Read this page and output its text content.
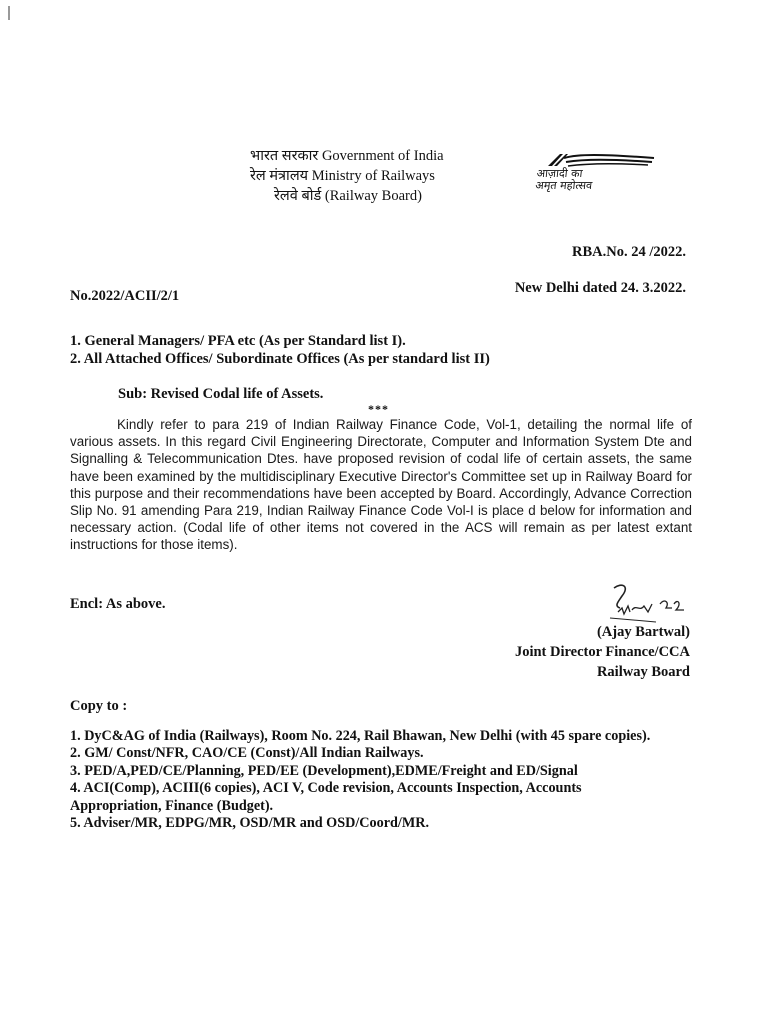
भारत सरकार Government of India
रेल मंत्रालय Ministry of Railways
रेलवे बोर्ड (Railway Board)
आज़ादी का
अमृत महोत्सव
RBA.No. 24 /2022.
No.2022/ACII/2/1	New Delhi dated 24. 3.2022.
1. General Managers/ PFA etc (As per Standard list I).
2. All Attached Offices/ Subordinate Offices (As per standard list II)
Sub: Revised Codal life of Assets.
***
Kindly refer to para 219 of Indian Railway Finance Code, Vol-1, detailing the normal life of various assets. In this regard Civil Engineering Directorate, Computer and Information System Dte and Signalling & Telecommunication Dtes. have proposed revision of codal life of certain assets, the same have been examined by the multidisciplinary Executive Director's Committee set up in Railway Board for this purpose and their recommendations have been accepted by Board. Accordingly, Advance Correction Slip No. 91 amending Para 219, Indian Railway Finance Code Vol-I is place d below for information and necessary action. (Codal life of other items not covered in the ACS will remain as per latest extant instructions for those items).
Encl: As above.
(Ajay Bartwal)
Joint Director Finance/CCA
Railway Board
Copy to :
1. DyC&AG of India (Railways), Room No. 224, Rail Bhawan, New Delhi (with 45 spare copies).
2. GM/ Const/NFR, CAO/CE (Const)/All Indian Railways.
3. PED/A,PED/CE/Planning, PED/EE (Development),EDME/Freight and ED/Signal
4. ACI(Comp), ACIII(6 copies), ACI V, Code revision, Accounts Inspection, Accounts Appropriation, Finance (Budget).
5. Adviser/MR, EDPG/MR, OSD/MR and OSD/Coord/MR.
